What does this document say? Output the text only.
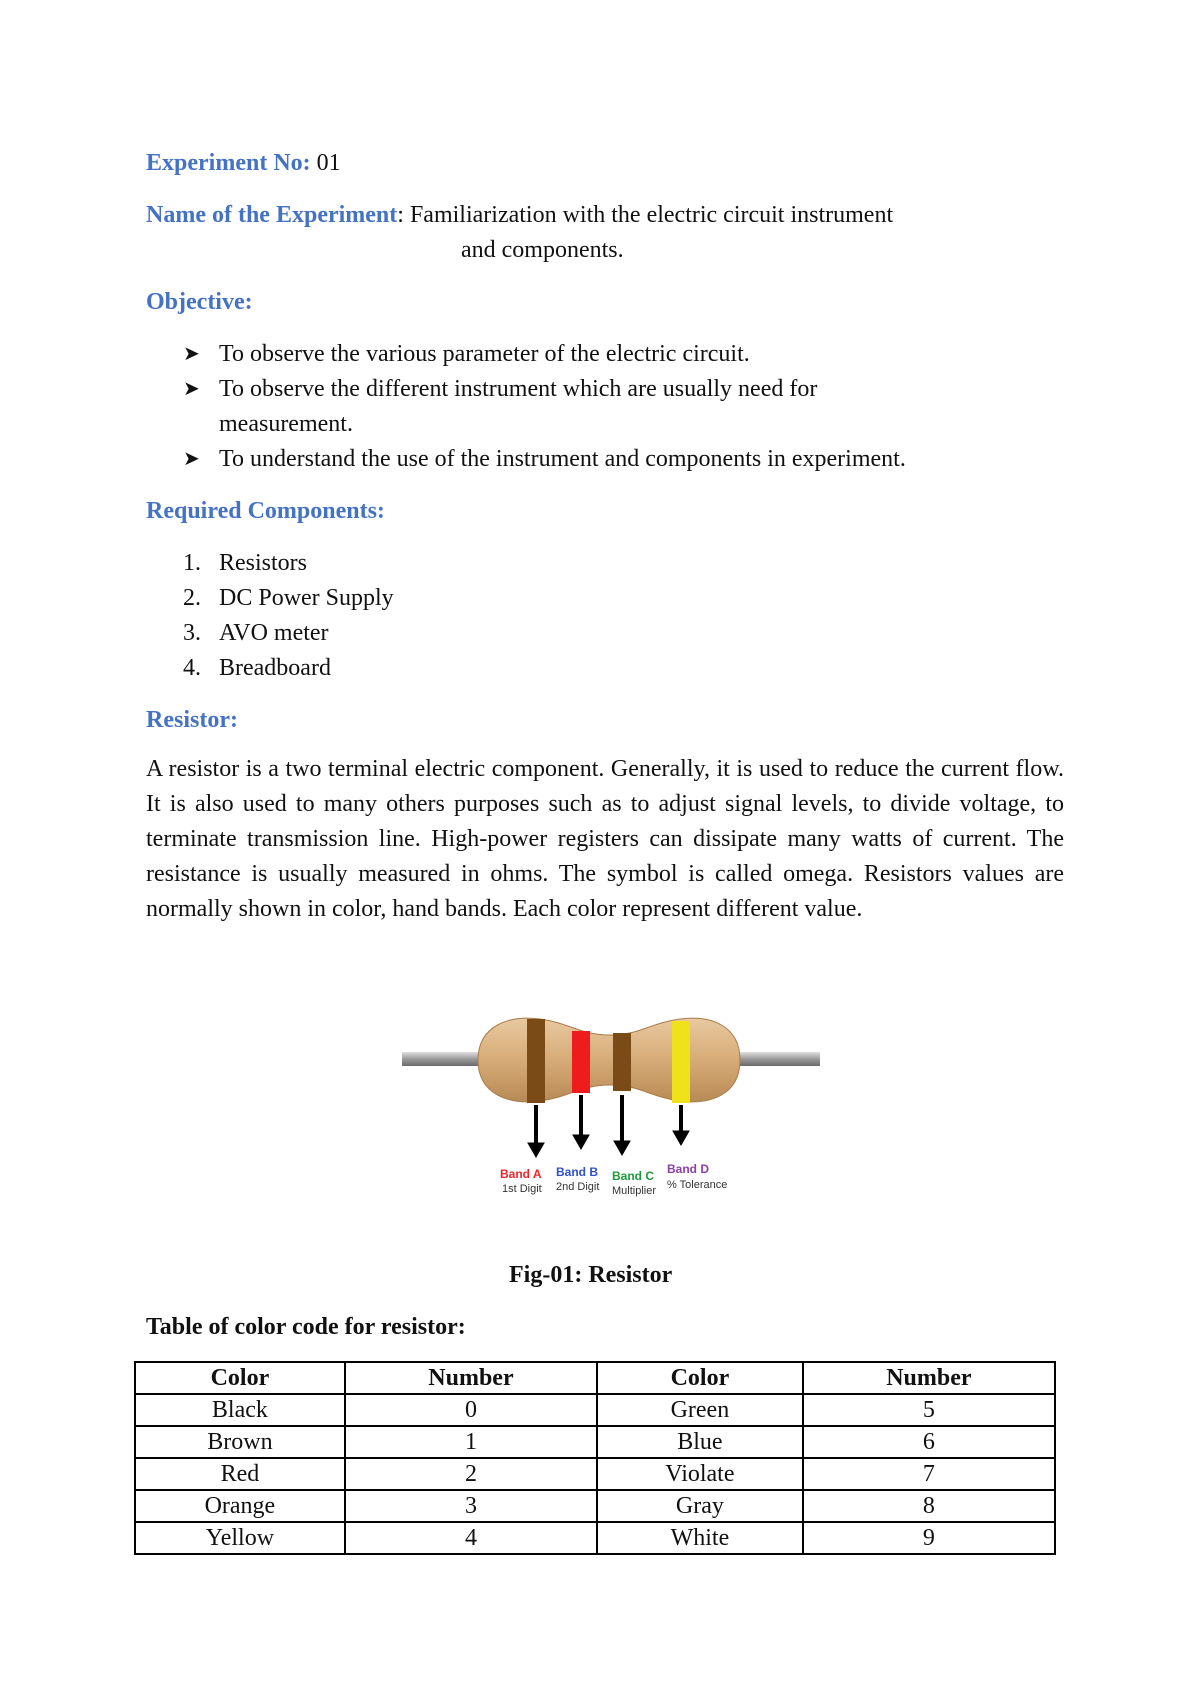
Experiment No: 01
Name of the Experiment: Familiarization with the electric circuit instrument
and components.
Objective:
➤ To observe the various parameter of the electric circuit.
➤ To observe the different instrument which are usually need for
measurement.
➤ To understand the use of the instrument and components in experiment.
Required Components:
1. Resistors
2. DC Power Supply
3. AVO meter
4. Breadboard
Resistor:
A resistor is a two terminal electric component. Generally, it is used to reduce the current flow. It is also used to many others purposes such as to adjust signal levels, to divide voltage, to terminate transmission line. High-power registers can dissipate many watts of current. The resistance is usually measured in ohms. The symbol is called omega. Resistors values are normally shown in color, hand bands. Each color represent different value.
Band A
1st Digit
Band B
2nd Digit
Band C
Multiplier
Band D
% Tolerance
Fig-01: Resistor
Table of color code for resistor:
Color	Number	Color	Number
Black	0	Green	5
Brown	1	Blue	6
Red	2	Violate	7
Orange	3	Gray	8
Yellow	4	White	9
